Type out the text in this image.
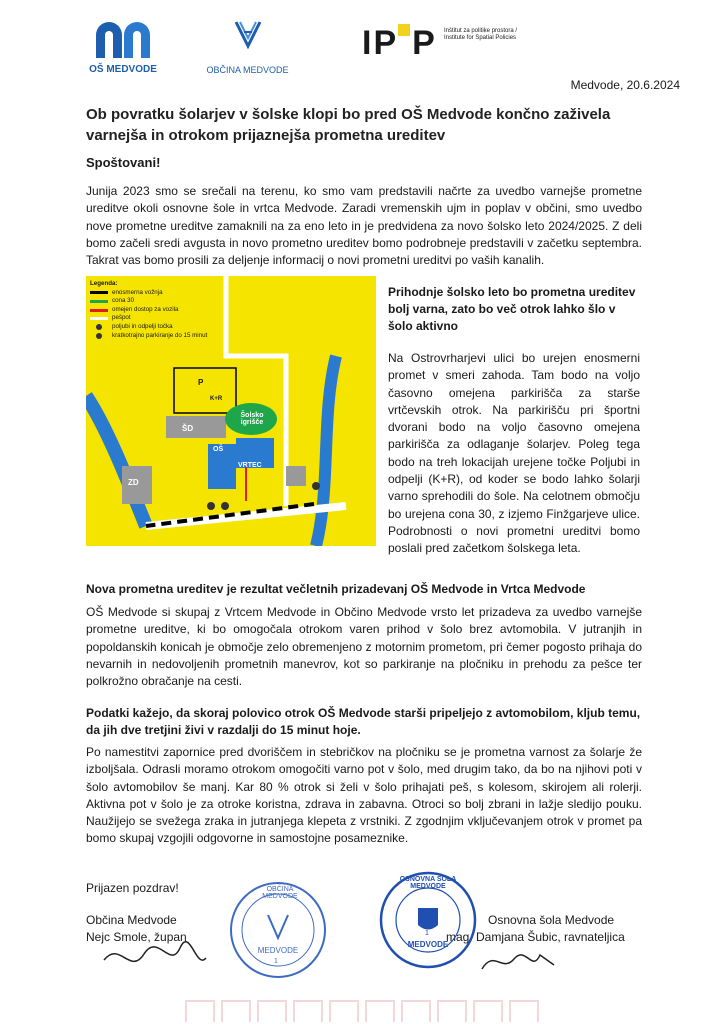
OŠ MEDVODE	OBČINA MEDVODE
I P P Inštitut za politike prostora / Institute for Spatial Policies
Medvode, 20.6.2024
Ob povratku šolarjev v šolske klopi bo pred OŠ Medvode končno zaživela varnejša in otrokom prijaznejša prometna ureditev
Spoštovani!
Junija 2023 smo se srečali na terenu, ko smo vam predstavili načrte za uvedbo varnejše prometne ureditve okoli osnovne šole in vrtca Medvode. Zaradi vremenskih ujm in poplav v občini, smo uvedbo nove prometne ureditve zamaknili na za eno leto in je predvidena za novo šolsko leto 2024/2025. Z deli bomo začeli sredi avgusta in novo prometno ureditev bomo podrobneje predstavili v začetku septembra. Takrat vas bomo prosili za deljenje informacij o novi prometni ureditvi po vaših kanalih.
Legenda:
enosmerna vožnja
cona 30
omejen dostop za vozila
pešpot
poljubi in odpelji točka
kratkotrajno parkiranje do 15 minut
P
ŠD
OŠ
VRTEC
Šolsko igrišče
ZD
K+R
Prihodnje šolsko leto bo prometna ureditev bolj varna, zato bo več otrok lahko šlo v šolo aktivno
Na Ostrovrharjevi ulici bo urejen enosmerni promet v smeri zahoda. Tam bodo na voljo časovno omejena parkirišča za starše vrtčevskih otrok. Na parkirišču pri športni dvorani bodo na voljo časovno omejena parkirišča za odlaganje šolarjev. Poleg tega bodo na treh lokacijah urejene točke Poljubi in odpelji (K+R), od koder se bodo lahko šolarji varno sprehodili do šole. Na celotnem območju bo urejena cona 30, z izjemo Finžgarjeve ulice. Podrobnosti o novi prometni ureditvi bomo poslali pred začetkom šolskega leta.
Nova prometna ureditev je rezultat večletnih prizadevanj OŠ Medvode in Vrtca Medvode
OŠ Medvode si skupaj z Vrtcem Medvode in Občino Medvode vrsto let prizadeva za uvedbo varnejše prometne ureditve, ki bo omogočala otrokom varen prihod v šolo brez avtomobila. V jutranjih in popoldanskih konicah je območje zelo obremenjeno z motornim prometom, pri čemer pogosto prihaja do nevarnih in nedovoljenih prometnih manevrov, kot so parkiranje na pločniku in prehodu za pešce ter polkrožno obračanje na cesti.
Podatki kažejo, da skoraj polovico otrok OŠ Medvode starši pripeljejo z avtomobilom, kljub temu, da jih dve tretjini živi v razdalji do 15 minut hoje.
Po namestitvi zapornice pred dvoriščem in stebričkov na pločniku se je prometna varnost za šolarje že izboljšala. Odrasli moramo otrokom omogočiti varno pot v šolo, med drugim tako, da bo na njihovi poti v šolo avtomobilov še manj. Kar 80 % otrok si želi v šolo prihajati peš, s kolesom, skirojem ali rolerji. Aktivna pot v šolo je za otroke koristna, zdrava in zabavna. Otroci so bolj zbrani in lažje sledijo pouku. Naužijejo se svežega zraka in jutranjega klepeta z vrstniki. Z zgodnjim vključevanjem otrok v promet pa bomo skupaj vzgojili odgovorne in samostojne posameznike.
Prijazen pozdrav!
Občina Medvode
Nejc Smole, župan
Osnovna šola Medvode
mag. Damjana Šubic, ravnateljica
OBČINA MEDVODE
MEDVODE
1
OSNOVNA ŠOLA MEDVODE
MEDVODE
1
